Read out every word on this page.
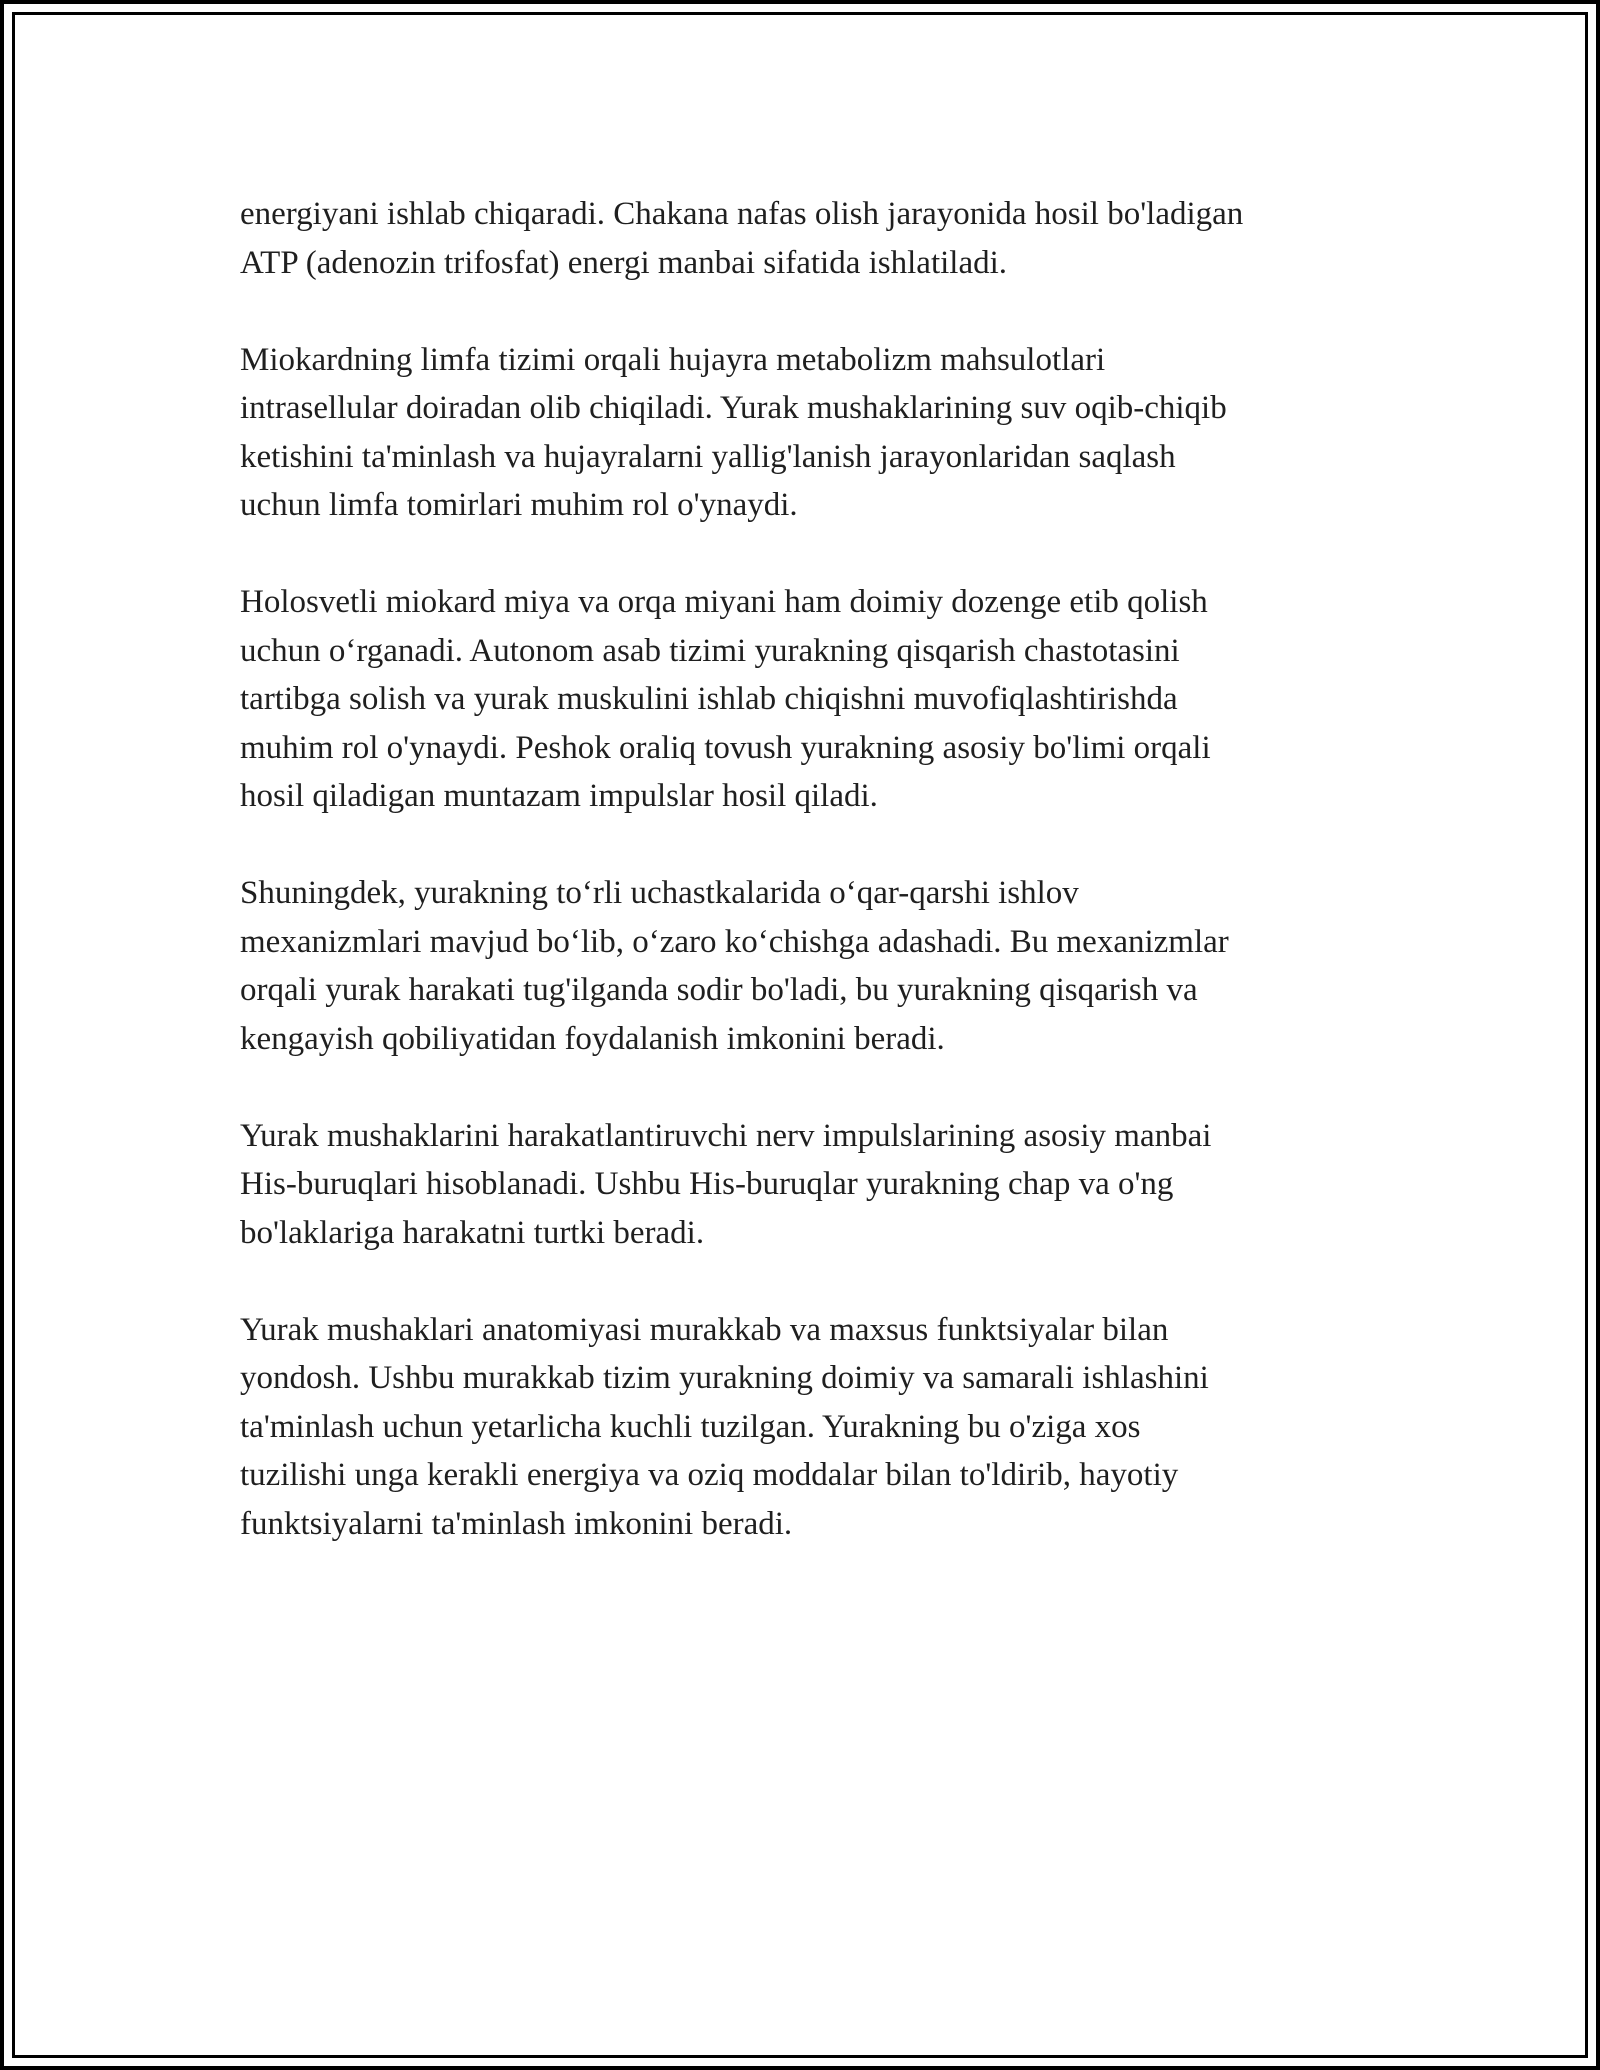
energiyani ishlab chiqaradi. Chakana nafas olish jarayonida hosil bo'ladigan
ATP (adenozin trifosfat) energi manbai sifatida ishlatiladi.

Miokardning limfa tizimi orqali hujayra metabolizm mahsulotlari
intrasellular doiradan olib chiqiladi. Yurak mushaklarining suv oqib-chiqib
ketishini ta'minlash va hujayralarni yallig'lanish jarayonlaridan saqlash
uchun limfa tomirlari muhim rol o'ynaydi.

Holosvetli miokard miya va orqa miyani ham doimiy dozenge etib qolish
uchun o‘rganadi. Autonom asab tizimi yurakning qisqarish chastotasini
tartibga solish va yurak muskulini ishlab chiqishni muvofiqlashtirishda
muhim rol o'ynaydi. Peshok oraliq tovush yurakning asosiy bo'limi orqali
hosil qiladigan muntazam impulslar hosil qiladi.

Shuningdek, yurakning to‘rli uchastkalarida o‘qar-qarshi ishlov
mexanizmlari mavjud bo‘lib, o‘zaro ko‘chishga adashadi. Bu mexanizmlar
orqali yurak harakati tug'ilganda sodir bo'ladi, bu yurakning qisqarish va
kengayish qobiliyatidan foydalanish imkonini beradi.

Yurak mushaklarini harakatlantiruvchi nerv impulslarining asosiy manbai
His-buruqlari hisoblanadi. Ushbu His-buruqlar yurakning chap va o'ng
bo'laklariga harakatni turtki beradi.

Yurak mushaklari anatomiyasi murakkab va maxsus funktsiyalar bilan
yondosh. Ushbu murakkab tizim yurakning doimiy va samarali ishlashini
ta'minlash uchun yetarlicha kuchli tuzilgan. Yurakning bu o'ziga xos
tuzilishi unga kerakli energiya va oziq moddalar bilan to'ldirib, hayotiy
funktsiyalarni ta'minlash imkonini beradi.
